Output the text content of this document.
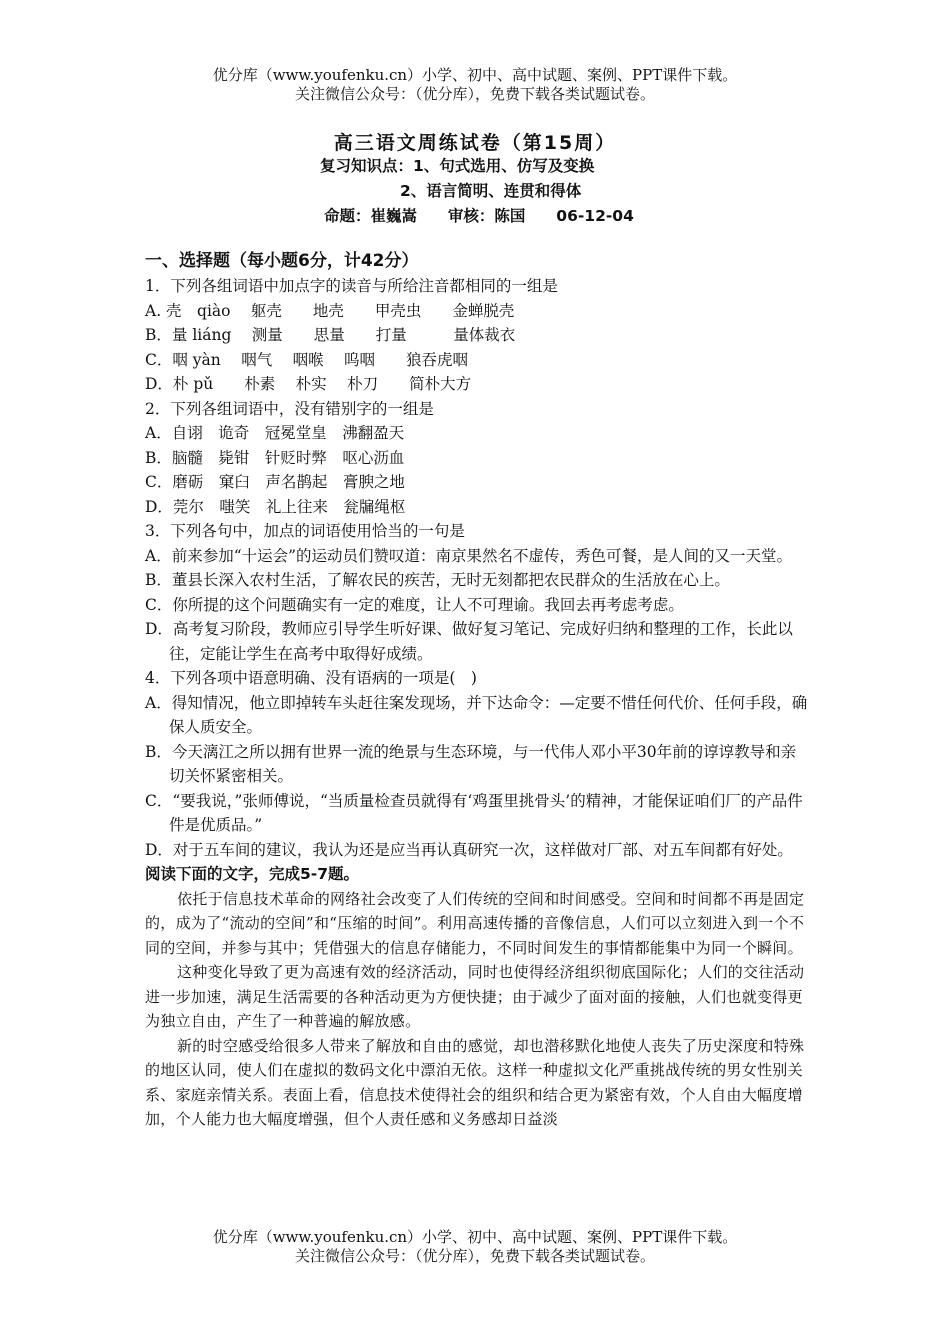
优分库（www.youfenku.cn）小学、初中、高中试题、案例、PPT课件下载。
关注微信公众号：（优分库），免费下载各类试题试卷。
高三语文周练试卷（第15周）
复习知识点：1、句式选用、仿写及变换
2、语言简明、连贯和得体
命题：崔巍嵩　 审核：陈国　 06-12-04

一、选择题（每小题6分，计42分）

1．下列各组词语中加点字的读音与所给注音都相同的一组是

A. 壳　qiào　 躯壳　　地壳　　甲壳虫　　金蝉脱壳

B．量 liáng　 测量　　思量　　打量　　　量体裁衣

C．咽 yàn　 咽气　 咽喉　 呜咽　　狼吞虎咽

D．朴 pǔ　　朴素　 朴实　 朴刀　　简朴大方

2．下列各组词语中，没有错别字的一组是

A．自诩　诡奇　冠冕堂皇　沸翻盈天

B．脑髓　毙钳　针贬时弊　呕心沥血

C．磨砺　窠臼　声名鹊起　膏腴之地

D．莞尔　嗤笑　礼上往来　瓮牖绳枢

3．下列各句中，加点的词语使用恰当的一句是

A．前来参加“十运会”的运动员们赞叹道：南京果然名不虚传，秀色可餐，是人间的又一天堂。

B．董县长深入农村生活，了解农民的疾苦，无时无刻都把农民群众的生活放在心上。

C．你所提的这个问题确实有一定的难度，让人不可理谕。我回去再考虑考虑。

D．高考复习阶段，教师应引导学生听好课、做好复习笔记、完成好归纳和整理的工作，长此以往，定能让学生在高考中取得好成绩。

4．下列各项中语意明确、没有语病的一项是(　)

A．得知情况，他立即掉转车头赶往案发现场，并下达命令：—定要不惜任何代价、任何手段，确保人质安全。

B．今天漓江之所以拥有世界一流的绝景与生态环境，与一代伟人邓小平30年前的谆谆教导和亲切关怀紧密相关。

C．“要我说，”张师傅说，“当质量检查员就得有‘鸡蛋里挑骨头’的精神，才能保证咱们厂的产品件件是优质品。”

D．对于五车间的建议，我认为还是应当再认真研究一次，这样做对厂部、对五车间都有好处。

阅读下面的文字，完成5-7题。

依托于信息技术革命的网络社会改变了人们传统的空间和时间感受。空间和时间都不再是固定的，成为了“流动的空间”和“压缩的时间”。利用高速传播的音像信息，人们可以立刻进入到一个不同的空间，并参与其中；凭借强大的信息存储能力，不同时间发生的事情都能集中为同一个瞬间。

这种变化导致了更为高速有效的经济活动，同时也使得经济组织彻底国际化；人们的交往活动进一步加速，满足生活需要的各种活动更为方便快捷；由于减少了面对面的接触，人们也就变得更为独立自由，产生了一种普遍的解放感。

新的时空感受给很多人带来了解放和自由的感觉，却也潜移默化地使人丧失了历史深度和特殊的地区认同，使人们在虚拟的数码文化中漂泊无依。这样一种虚拟文化严重挑战传统的男女性别关系、家庭亲情关系。表面上看，信息技术使得社会的组织和结合更为紧密有效，个人自由大幅度增加，个人能力也大幅度增强，但个人责任感和义务感却日益淡

优分库（www.youfenku.cn）小学、初中、高中试题、案例、PPT课件下载。
关注微信公众号：（优分库），免费下载各类试题试卷。
